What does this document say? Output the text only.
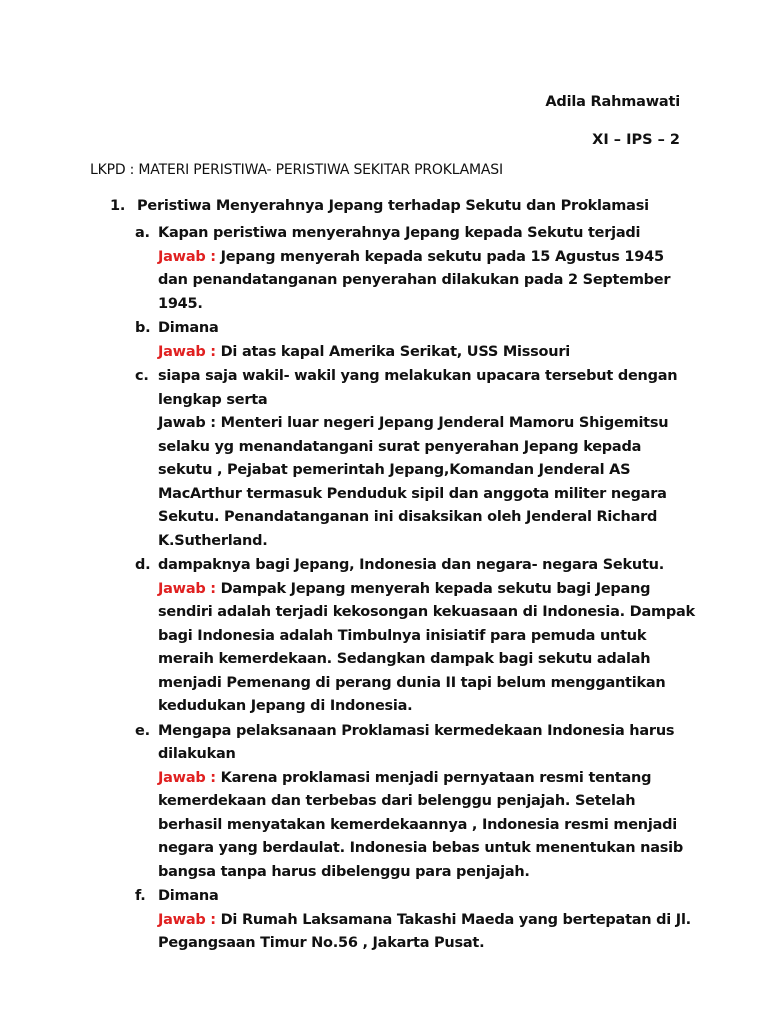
Adila Rahmawati
XI – IPS – 2
LKPD : MATERI PERISTIWA- PERISTIWA SEKITAR PROKLAMASI
1. Peristiwa Menyerahnya Jepang terhadap Sekutu dan Proklamasi
a. Kapan peristiwa menyerahnya Jepang kepada Sekutu terjadi
Jawab : Jepang menyerah kepada sekutu pada 15 Agustus 1945 dan penandatanganan penyerahan dilakukan pada 2 September 1945.
b. Dimana
Jawab : Di atas kapal Amerika Serikat, USS Missouri
c. siapa saja wakil- wakil yang melakukan upacara tersebut dengan lengkap serta
Jawab : Menteri luar negeri Jepang Jenderal Mamoru Shigemitsu selaku yg menandatangani surat penyerahan Jepang kepada sekutu , Pejabat pemerintah Jepang,Komandan Jenderal AS MacArthur termasuk Penduduk sipil dan anggota militer negara Sekutu. Penandatanganan ini disaksikan oleh Jenderal Richard K.Sutherland.
d. dampaknya bagi Jepang, Indonesia dan negara- negara Sekutu.
Jawab : Dampak Jepang menyerah kepada sekutu bagi Jepang sendiri adalah terjadi kekosongan kekuasaan di Indonesia. Dampak bagi Indonesia adalah Timbulnya inisiatif para pemuda untuk meraih kemerdekaan. Sedangkan dampak bagi sekutu adalah menjadi Pemenang di perang dunia II tapi belum menggantikan kedudukan Jepang di Indonesia.
e. Mengapa pelaksanaan Proklamasi kermedekaan Indonesia harus dilakukan
Jawab : Karena proklamasi menjadi pernyataan resmi tentang kemerdekaan dan terbebas dari belenggu penjajah. Setelah berhasil menyatakan kemerdekaannya , Indonesia resmi menjadi negara yang berdaulat. Indonesia bebas untuk menentukan nasib bangsa tanpa harus dibelenggu para penjajah.
f. Dimana
Jawab : Di Rumah Laksamana Takashi Maeda yang bertepatan di Jl. Pegangsaan Timur No.56 , Jakarta Pusat.
